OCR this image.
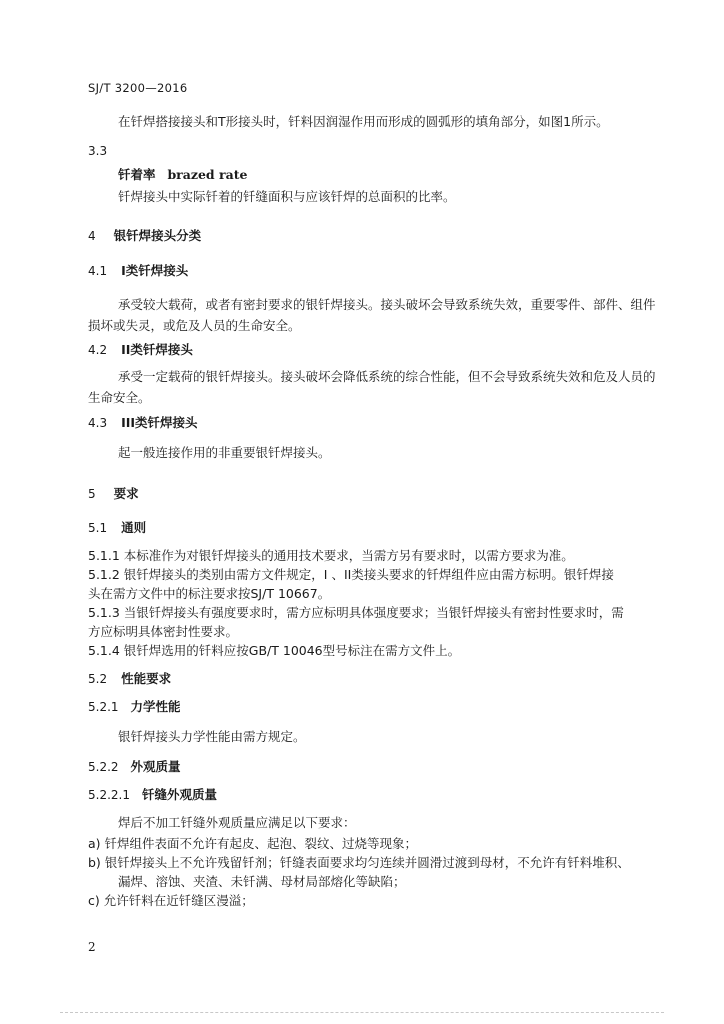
SJ/T 3200—2016
在钎焊搭接接头和T形接头时，钎料因润湿作用而形成的圆弧形的填角部分，如图1所示。
3.3
钎着率 brazed rate
钎焊接头中实际钎着的钎缝面积与应该钎焊的总面积的比率。
4 银钎焊接头分类
4.1 I类钎焊接头
承受较大载荷，或者有密封要求的银钎焊接头。接头破坏会导致系统失效，重要零件、部件、组件
损坏或失灵，或危及人员的生命安全。
4.2 II类钎焊接头
承受一定载荷的银钎焊接头。接头破坏会降低系统的综合性能，但不会导致系统失效和危及人员的
生命安全。
4.3 III类钎焊接头
起一般连接作用的非重要银钎焊接头。
5 要求
5.1 通则
5.1.1 本标准作为对银钎焊接头的通用技术要求，当需方另有要求时，以需方要求为准。
5.1.2 银钎焊接头的类别由需方文件规定，I 、II类接头要求的钎焊组件应由需方标明。银钎焊接
头在需方文件中的标注要求按SJ/T 10667。
5.1.3 当银钎焊接头有强度要求时，需方应标明具体强度要求；当银钎焊接头有密封性要求时，需
方应标明具体密封性要求。
5.1.4 银钎焊选用的钎料应按GB/T 10046型号标注在需方文件上。
5.2 性能要求
5.2.1 力学性能
银钎焊接头力学性能由需方规定。
5.2.2 外观质量
5.2.2.1 钎缝外观质量
焊后不加工钎缝外观质量应满足以下要求：
a) 钎焊组件表面不允许有起皮、起泡、裂纹、过烧等现象；
b) 银钎焊接头上不允许残留钎剂；钎缝表面要求均匀连续并圆滑过渡到母材，不允许有钎料堆积、
漏焊、溶蚀、夹渣、未钎满、母材局部熔化等缺陷；
c) 允许钎料在近钎缝区漫溢；
2
